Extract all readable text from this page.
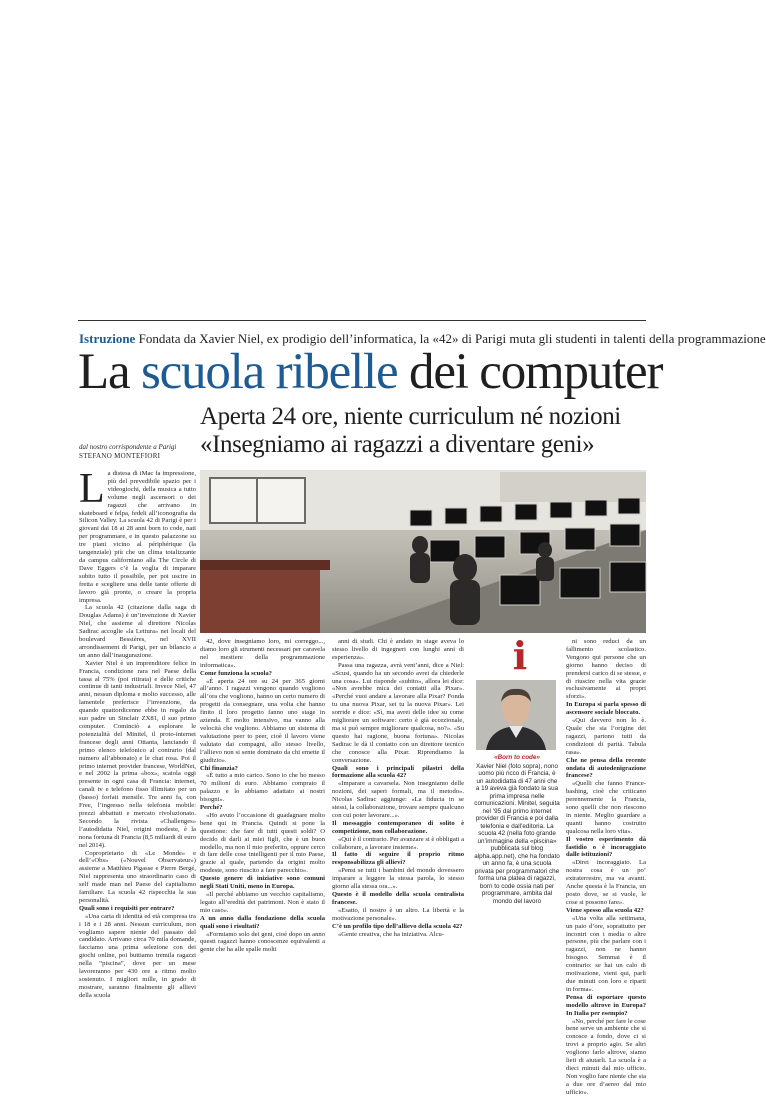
Istruzione Fondata da Xavier Niel, ex prodigio dell’informatica, la «42» di Parigi muta gli studenti in talenti della programmazione
La scuola ribelle dei computer
Aperta 24 ore, niente curriculum né nozioni
«Insegniamo ai ragazzi a diventare geni»
dal nostro corrispondente a Parigi
STEFANO MONTEFIORI
L a distesa di iMac fa impressione, più del prevedibile spazio per i videogiochi, della musica a tutto volume negli ascensori o dei ragazzi che arrivano in skateboard e felpa, fedeli all’iconografia da Silicon Valley. La scuola 42 di Parigi è per i giovani dai 18 ai 28 anni born to code, nati per programmare, e in questo palazzone su tre piani vicino al périphérique (la tangenziale) più che un clima totalizzante da campus californiano alla The Circle di Dave Eggers c’è la voglia di imparare subito tutto il possibile, per poi uscire in fretta e scegliere una delle tante offerte di lavoro già pronte, o creare la propria impresa.

La scuola 42 (citazione dalla saga di Douglas Adams) è un’invenzione di Xavier Niel, che assieme al direttore Nicolas Sadirac accoglie «la Lettura» nei locali del boulevard Bessières, nel XVII arrondissement di Parigi, per un bilancio a un anno dall’inaugurazione.

Xavier Niel è un imprenditore felice in Francia, condizione rara nel Paese della tassa al 75% (poi ritirata) e delle critiche continue di tanti industriali. Invece Niel, 47 anni, nessun diploma e molto successo, alle lamentele preferisce l’invenzione, da quando quattordicenne ebbe in regalo da suo padre un Sinclair ZX81, il suo primo computer. Cominciò a esplorare le potenzialità del Minitel, il proto-internet francese degli anni Ottanta, lanciando il primo elenco telefonico al contrario (dal numero all’abbonato) e le chat rosa. Poi il primo internet provider francese, WorldNet, e nel 2002 la prima «box», scatola oggi presente in ogni casa di Francia: internet, canali tv e telefono fisso illimitato per un (basso) forfait mensile. Tre anni fa, con Free, l’ingresso nella telefonia mobile: prezzi abbattuti e mercato rivoluzionato. Secondo la rivista «Challenges» l’autodidatta Niel, origini modeste, è la nona fortuna di Francia (8,5 miliardi di euro nel 2014).

Coproprietario di «Le Monde» e dell’«Obs» («Nouvel Observateur») assieme a Matthieu Pigasse e Pierre Bergé, Niel rappresenta uno straordinario caso di self made man nel Paese del capitalismo familiare. La scuola 42 rispecchia la sua personalità.

Quali sono i requisiti per entrare?

«Una carta di identità ed età compresa tra i 18 e i 28 anni. Nessun curriculum, non vogliamo sapere niente del passato del candidato. Arrivano circa 70 mila domande, facciamo una prima selezione con dei giochi online, poi buttiamo tremila ragazzi nella “piscina”, dove per un mese lavoreranno per 430 ore a ritmo molto sostenuto. I migliori mille, in grado di mostrare, saranno finalmente gli allievi della scuola

42, dove insegniamo loro, mi correggo..., diamo loro gli strumenti necessari per caravela nel mestiere della programmazione informatica».

Come funziona la scuola?

«È aperta 24 ore su 24 per 365 giorni all’anno. I ragazzi vengono quando vogliono all’ora che vogliono, hanno un certo numero di progetti da consegnare, una volta che hanno finito il loro progetto fanno uno stage in azienda. È molto intensivo, ma vanno alla velocità che vogliono. Abbiamo un sistema di valutazione peer to peer, cioè il lavoro viene valutato dai compagni, allo stesso livello, l’allievo non si sente dominato da chi emette il giudizio».

Chi finanzia?

«È tutto a mio carico. Sono io che ho messo 70 milioni di euro. Abbiamo comprato il palazzo e lo abbiamo adattato ai nostri bisogni».

Perché?

«Ho avuto l’occasione di guadagnare molto bene qui in Francia. Quindi si pone la questione: che fare di tutti questi soldi? O decido di darli ai miei figli, che è un buon modello, ma non il mio preferito, oppure cerco di fare delle cose intelligenti per il mio Paese, grazie al quale, partendo da origini molto modeste, sono riuscito a fare parecchio».

Questo genere di iniziative sono comuni negli Stati Uniti, meno in Europa.

«Il perché abbiamo un vecchio capitalismo, legato all’eredità dei patrimoni. Non è stato il mio caso».

A un anno dalla fondazione della scuola quali sono i risultati?

«Formiamo solo dei geni, cioè dopo un anno questi ragazzi hanno conoscenze equivalenti a gente che ha alle spalle molti

anni di studi. Chi è andato in stage aveva lo stesso livello di ingegneri con lunghi anni di esperienza».

Passa una ragazza, avrà vent’anni, dice a Niel: «Scusi, quando ha un secondo avrei da chiederle una cosa». Lui risponde «subito», allora lei dice: «Non avrebbe mica dei contatti alla Pixar». «Perché vuoi andare a lavorare alla Pixar? Fonda tu una nuova Pixar, sei tu la nuova Pixar». Lei sorride e dice: «Sì, ma avrei delle idee su come migliorare un software: certo è già eccezionale, ma si può sempre migliorare qualcosa, no?». «Su questo hai ragione, buona fortuna». Nicolas Sadirac le dà il contatto con un direttore tecnico che conosce alla Pixar. Riprendiamo la conversazione.

Quali sono i principali pilastri della formazione alla scuola 42?

«Imparare a cavarsela. Non insegniamo delle nozioni, dei saperi formali, ma il metodo». Nicolas Sadirac aggiunge: «La fiducia in se stessi, la collaborazione, trovare sempre qualcuno con cui poter lavorare...».

Il messaggio contemporaneo di solito è competizione, non collaborazione.

«Qui è il contrario. Per avanzare si è obbligati a collaborare, a lavorare insieme».

Il fatto di seguire il proprio ritmo responsabilizza gli allievi?

«Pensi se tutti i bambini del mondo dovessero imparare a leggere la stessa parola, lo stesso giorno alla stessa ora...».

Questo è il modello della scuola centralista francese.

«Esatto, il nostro è un altro. La libertà e la motivazione personale».

C’è un profilo tipo dell’allievo della scuola 42?

«Gente creativa, che ha iniziativa. Alcu-

i
«Born to code»
Xavier Niel (foto sopra), nono uomo più ricco di Francia, è un autodidatta di 47 anni che a 19 aveva già fondato la sua prima impresa nelle comunicazioni. Minitel, seguita nel ’95 dal primo internet provider di Francia e poi dalla telefonia e dall’editoria. La scuola 42 (nella foto grande un’immagine della «piscina» pubblicata sul blog alpha.app.net), che ha fondato un anno fa, è una scuola privata per programmatori che forma una platea di ragazzi, born to code ossia nati per programmare, ambita dal mondo del lavoro

ni sono reduci da un fallimento scolastico. Vengono qui persone che un giorno hanno deciso di prendersi carico di se stesse, e di riuscire nella vita grazie esclusivamente ai propri sforzi».

In Europa si parla spesso di ascensore sociale bloccato.

«Qui davvero non lo è. Quale che sia l’origine dei ragazzi, partono tutti da condizioni di parità. Tabula rasa».

Che ne pensa della recente ondata di autodenigrazione francese?

«Quelli che fanno France-bashing, cioè che criticano perennemente la Francia, sono quelli che non riescono in niente. Meglio guardare a quanti hanno costruito qualcosa nella loro vita».

Il vostro esperimento dà fastidio o è incoraggiato dalle istituzioni?

«Direi incoraggiato. La nostra cosa è un po’ extraterrestre, ma va avanti. Anche questa è la Francia, un posto dove, se si vuole, le cose si possono fare».

Viene spesso alla scuola 42?

«Una volta alla settimana, un paio d’ore, soprattutto per incontri con i media o altre persone, più che parlare con i ragazzi, non ne hanno bisogno. Semmai è il contrario: se hai un calo di motivazione, vieni qui, parli due minuti con loro e riparti in forma».

Pensa di esportare questo modello altrove in Europa? In Italia per esempio?

«No, perché per fare le cose bene serve un ambiente che si conosce a fondo, dove ci si trovi a proprio agio. Se altri vogliono farlo altrove, siamo lieti di aiutarli. La scuola è a dieci minuti dal mio ufficio. Non voglio fare niente che sia a due ore d’aereo dal mio ufficio».
